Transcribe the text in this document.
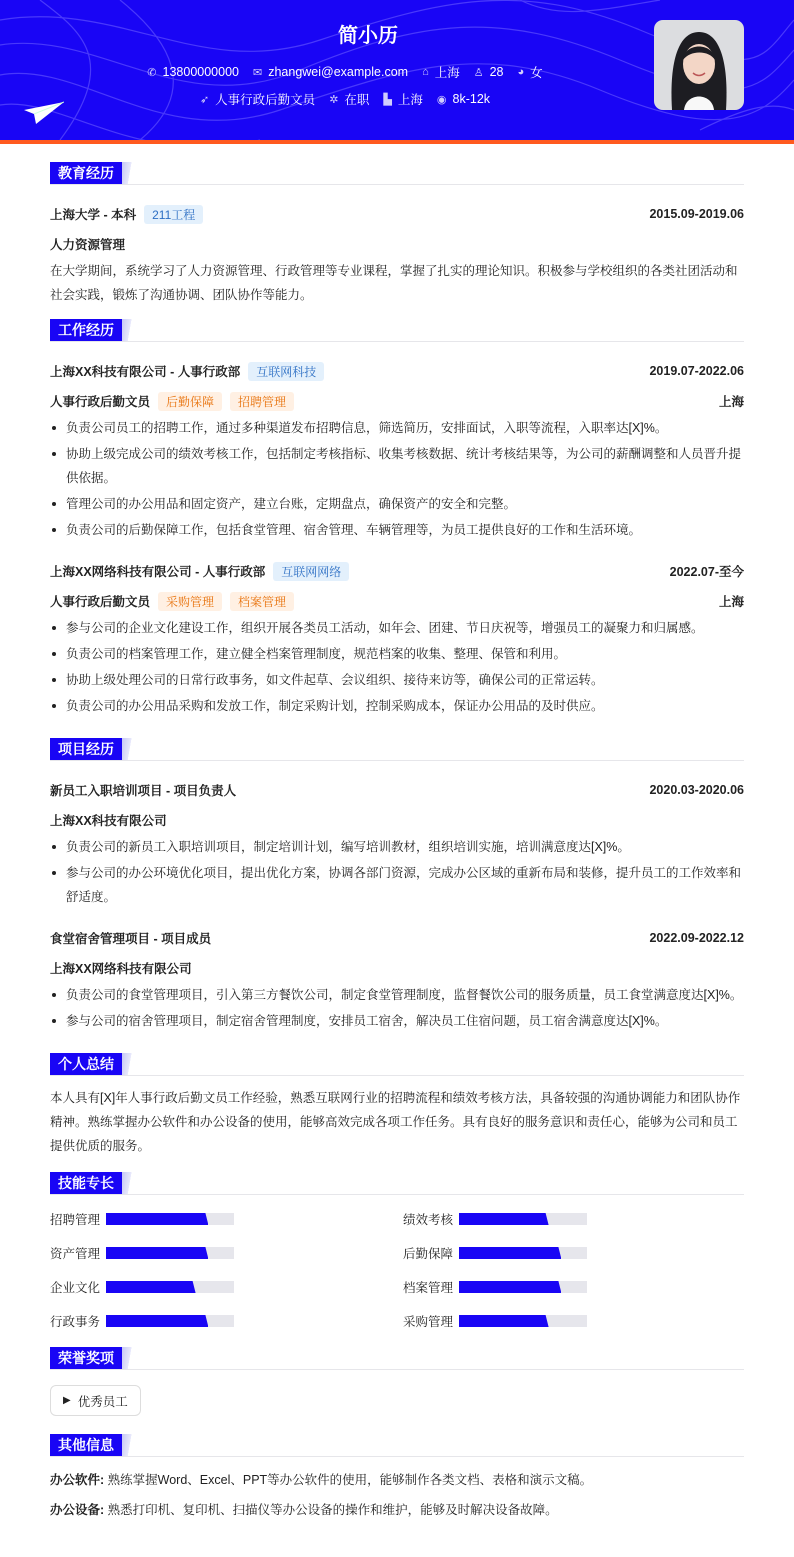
简小历
✆ 13800000000 ✉ zhangwei@example.com ⌂ 上海 ♙ 28 ◕ 女
➶ 人事行政后勤文员 ✲ 在职 ▙ 上海 ◉ 8k-12k
教育经历
上海大学 - 本科	211工程	2015.09-2019.06
人力资源管理

在大学期间，系统学习了人力资源管理、行政管理等专业课程，掌握了扎实的理论知识。积极参与学校组织的各类社团活动和社会实践，锻炼了沟通协调、团队协作等能力。

工作经历
上海XX科技有限公司 - 人事行政部	互联网科技	2019.07-2022.06
人事行政后勤文员	后勤保障	招聘管理	上海
负责公司员工的招聘工作，通过多种渠道发布招聘信息，筛选简历，安排面试，入职等流程，入职率达[X]%。
协助上级完成公司的绩效考核工作，包括制定考核指标、收集考核数据、统计考核结果等，为公司的薪酬调整和人员晋升提供依据。
管理公司的办公用品和固定资产，建立台账，定期盘点，确保资产的安全和完整。
负责公司的后勤保障工作，包括食堂管理、宿舍管理、车辆管理等，为员工提供良好的工作和生活环境。
上海XX网络科技有限公司 - 人事行政部	互联网网络	2022.07-至今
人事行政后勤文员	采购管理	档案管理	上海
参与公司的企业文化建设工作，组织开展各类员工活动，如年会、团建、节日庆祝等，增强员工的凝聚力和归属感。
负责公司的档案管理工作，建立健全档案管理制度，规范档案的收集、整理、保管和利用。
协助上级处理公司的日常行政事务，如文件起草、会议组织、接待来访等，确保公司的正常运转。
负责公司的办公用品采购和发放工作，制定采购计划，控制采购成本，保证办公用品的及时供应。
项目经历
新员工入职培训项目 - 项目负责人	2020.03-2020.06
上海XX科技有限公司
负责公司的新员工入职培训项目，制定培训计划，编写培训教材，组织培训实施，培训满意度达[X]%。
参与公司的办公环境优化项目，提出优化方案，协调各部门资源，完成办公区域的重新布局和装修，提升员工的工作效率和舒适度。
食堂宿舍管理项目 - 项目成员	2022.09-2022.12
上海XX网络科技有限公司
负责公司的食堂管理项目，引入第三方餐饮公司，制定食堂管理制度，监督餐饮公司的服务质量，员工食堂满意度达[X]%。
参与公司的宿舍管理项目，制定宿舍管理制度，安排员工宿舍，解决员工住宿问题，员工宿舍满意度达[X]%。
个人总结

本人具有[X]年人事行政后勤文员工作经验，熟悉互联网行业的招聘流程和绩效考核方法，具备较强的沟通协调能力和团队协作精神。熟练掌握办公软件和办公设备的使用，能够高效完成各项工作任务。具有良好的服务意识和责任心，能够为公司和员工提供优质的服务。

技能专长
招聘管理	绩效考核
资产管理	后勤保障
企业文化	档案管理
行政事务	采购管理
荣誉奖项
▶ 优秀员工
其他信息
办公软件: 熟练掌握Word、Excel、PPT等办公软件的使用，能够制作各类文档、表格和演示文稿。
办公设备: 熟悉打印机、复印机、扫描仪等办公设备的操作和维护，能够及时解决设备故障。
